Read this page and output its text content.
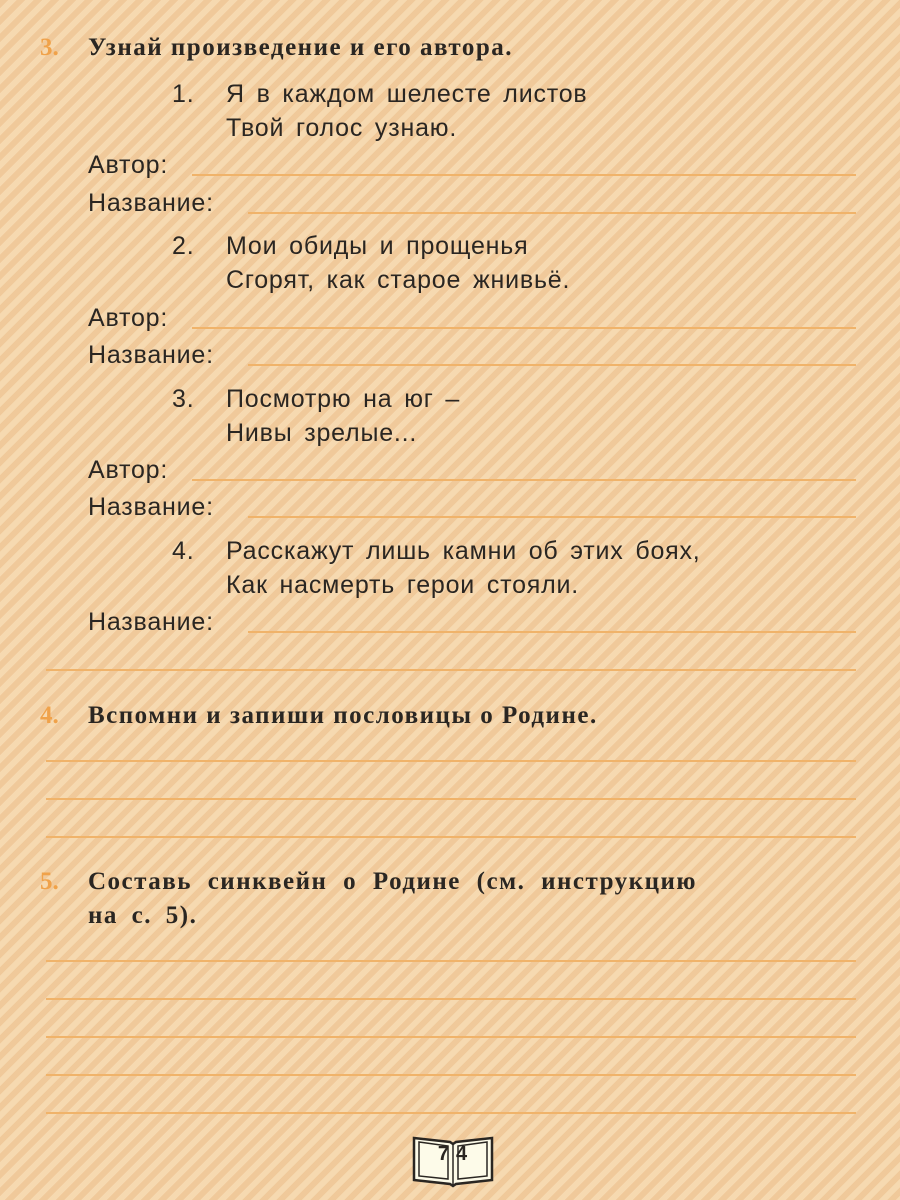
3. Узнай произведение и его автора.
1. Я в каждом шелесте листов
Твой голос узнаю.
Автор:
Название:
2. Мои обиды и прощенья
Сгорят, как старое жнивьё.
Автор:
Название:
3. Посмотрю на юг –
Нивы зрелые...
Автор:
Название:
4. Расскажут лишь камни об этих боях,
Как насмерть герои стояли.
Название:
4. Вспомни и запиши пословицы о Родине.
5. Составь синквейн о Родине (см. инструкцию
на с. 5).
74
